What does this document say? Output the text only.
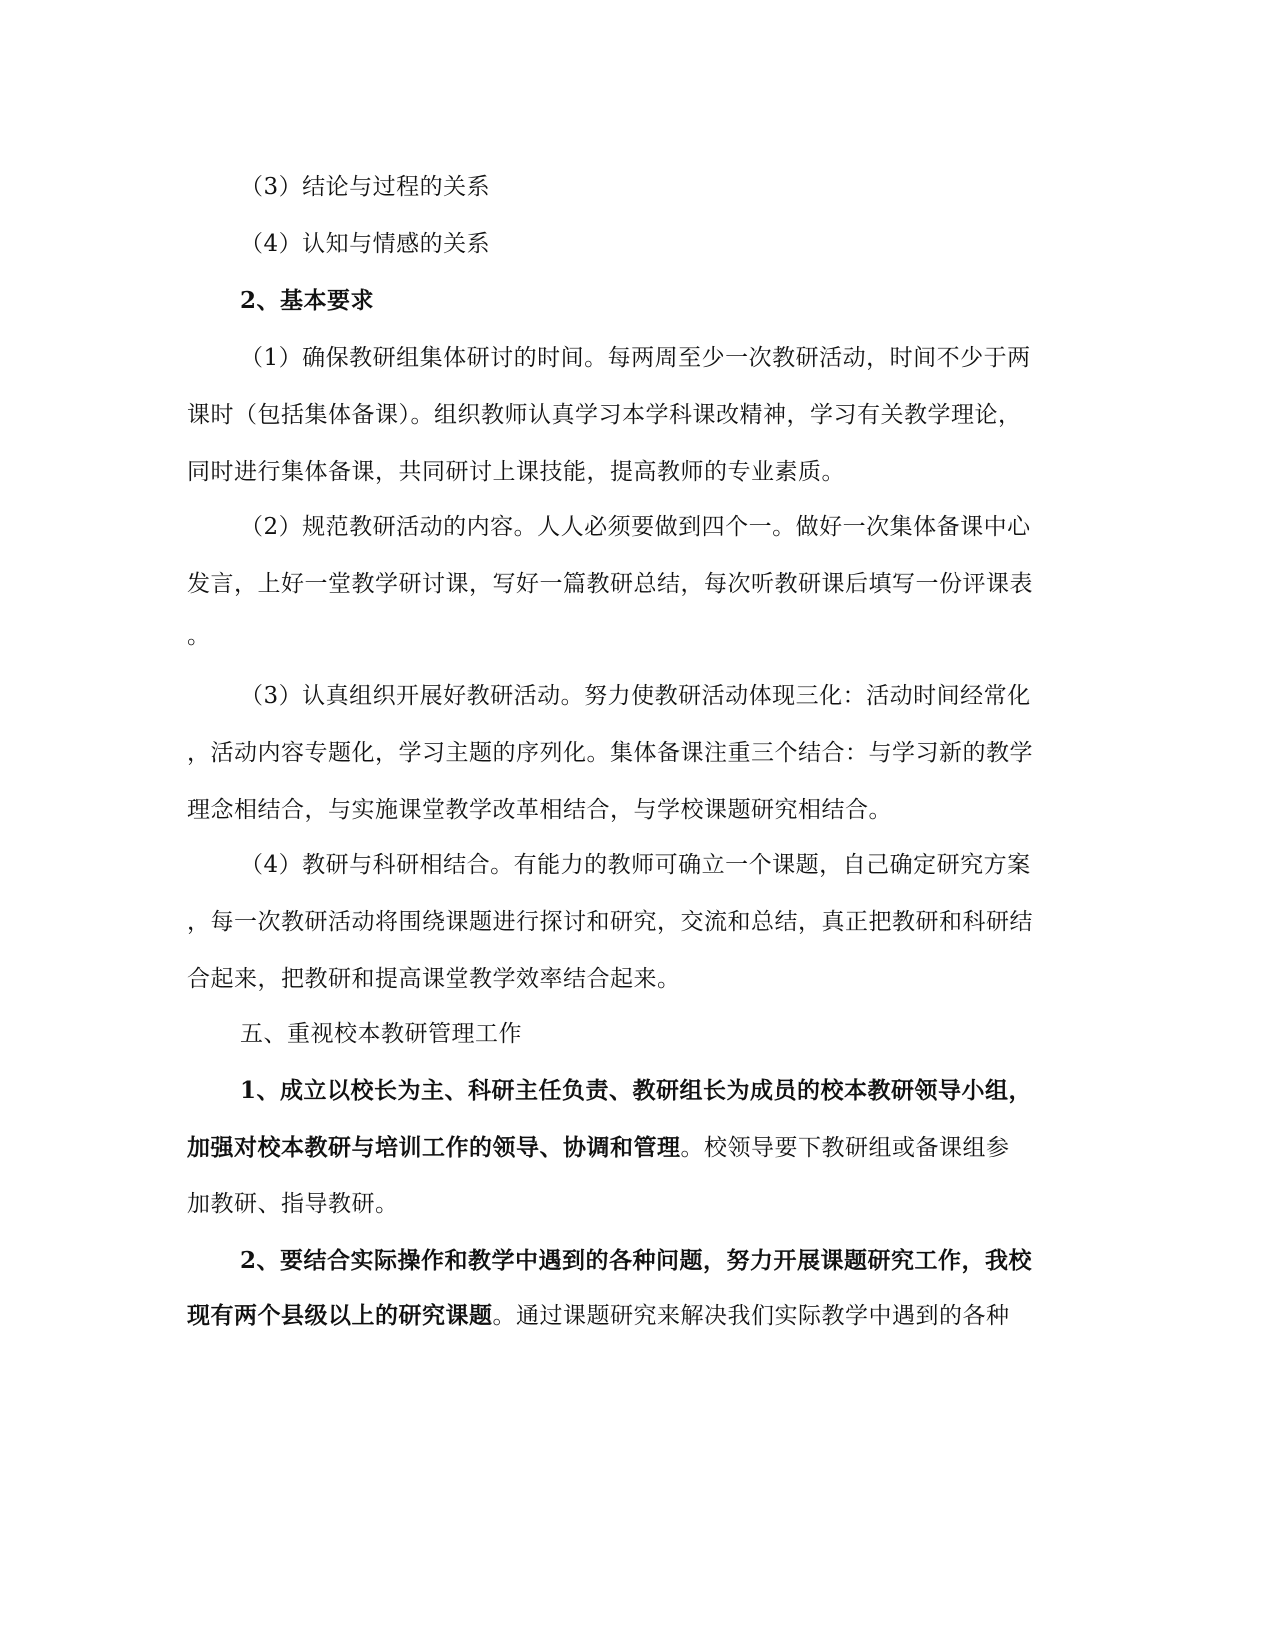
（3）结论与过程的关系
（4）认知与情感的关系
2、基本要求
（1）确保教研组集体研讨的时间。每两周至少一次教研活动，时间不少于两
课时（包括集体备课）。组织教师认真学习本学科课改精神，学习有关教学理论，
同时进行集体备课，共同研讨上课技能，提高教师的专业素质。
（2）规范教研活动的内容。人人必须要做到四个一。做好一次集体备课中心
发言，上好一堂教学研讨课，写好一篇教研总结，每次听教研课后填写一份评课表
。
（3）认真组织开展好教研活动。努力使教研活动体现三化：活动时间经常化
，活动内容专题化，学习主题的序列化。集体备课注重三个结合：与学习新的教学
理念相结合，与实施课堂教学改革相结合，与学校课题研究相结合。
（4）教研与科研相结合。有能力的教师可确立一个课题，自己确定研究方案
，每一次教研活动将围绕课题进行探讨和研究，交流和总结，真正把教研和科研结
合起来，把教研和提高课堂教学效率结合起来。
五、重视校本教研管理工作
1、成立以校长为主、科研主任负责、教研组长为成员的校本教研领导小组，
加强对校本教研与培训工作的领导、协调和管理。校领导要下教研组或备课组参
加教研、指导教研。
2、要结合实际操作和教学中遇到的各种问题，努力开展课题研究工作，我校
现有两个县级以上的研究课题。通过课题研究来解决我们实际教学中遇到的各种
